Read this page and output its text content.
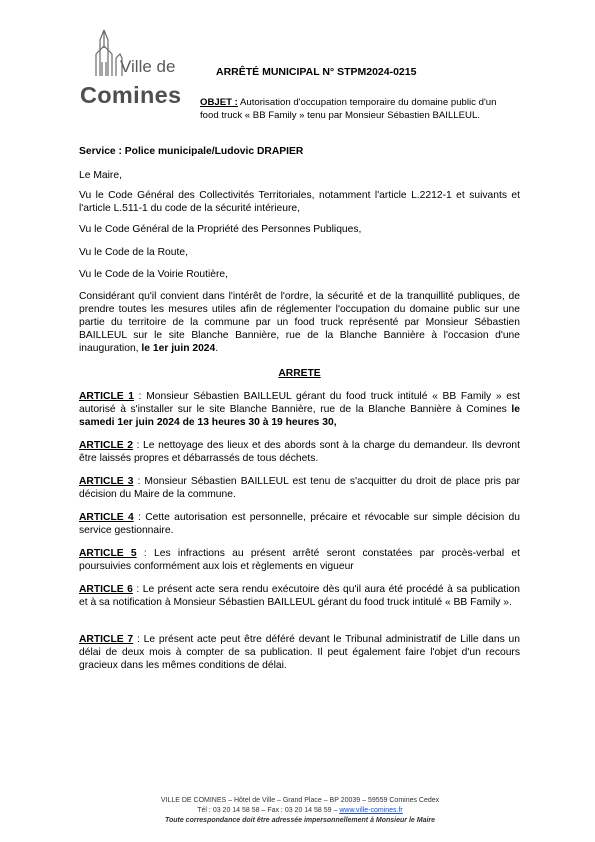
Ville de
Comines
ARRÊTÉ MUNICIPAL N° STPM2024-0215
OBJET : Autorisation d'occupation temporaire du domaine public d'un food truck « BB Family » tenu par Monsieur Sébastien BAILLEUL.
Service : Police municipale/Ludovic DRAPIER
Le Maire,
Vu le Code Général des Collectivités Territoriales, notamment l'article L.2212-1 et suivants et l'article L.511-1 du code de la sécurité intérieure,
Vu le Code Général de la Propriété des Personnes Publiques,
Vu le Code de la Route,
Vu le Code de la Voirie Routière,
Considérant qu'il convient dans l'intérêt de l'ordre, la sécurité et de la tranquillité publiques, de prendre toutes les mesures utiles afin de réglementer l'occupation du domaine public sur une partie du territoire de la commune par un food truck représenté par Monsieur Sébastien BAILLEUL sur le site Blanche Bannière, rue de la Blanche Bannière à l'occasion d'une inauguration, le 1er juin 2024.
ARRETE
ARTICLE 1 : Monsieur Sébastien BAILLEUL gérant du food truck intitulé « BB Family » est autorisé à s'installer sur le site Blanche Bannière, rue de la Blanche Bannière à Comines le samedi 1er juin 2024 de 13 heures 30 à 19 heures 30,
ARTICLE 2 : Le nettoyage des lieux et des abords sont à la charge du demandeur. Ils devront être laissés propres et débarrassés de tous déchets.
ARTICLE 3 : Monsieur Sébastien BAILLEUL est tenu de s'acquitter du droit de place pris par décision du Maire de la commune.
ARTICLE 4 : Cette autorisation est personnelle, précaire et révocable sur simple décision du service gestionnaire.
ARTICLE 5 : Les infractions au présent arrêté seront constatées par procès-verbal et poursuivies conformément aux lois et règlements en vigueur
ARTICLE 6 : Le présent acte sera rendu exécutoire dès qu'il aura été procédé à sa publication et à sa notification à Monsieur Sébastien BAILLEUL gérant du food truck intitulé « BB Family ».
ARTICLE 7 : Le présent acte peut être déféré devant le Tribunal administratif de Lille dans un délai de deux mois à compter de sa publication. Il peut également faire l'objet d'un recours gracieux dans les mêmes conditions de délai.
VILLE DE COMINES – Hôtel de Ville – Grand Place – BP 20039 – 59559 Comines Cedex
Tél : 03 20 14 58 58 – Fax : 03 20 14 58 59 – www.ville-comines.fr
Toute correspondance doit être adressée impersonnellement à Monsieur le Maire
